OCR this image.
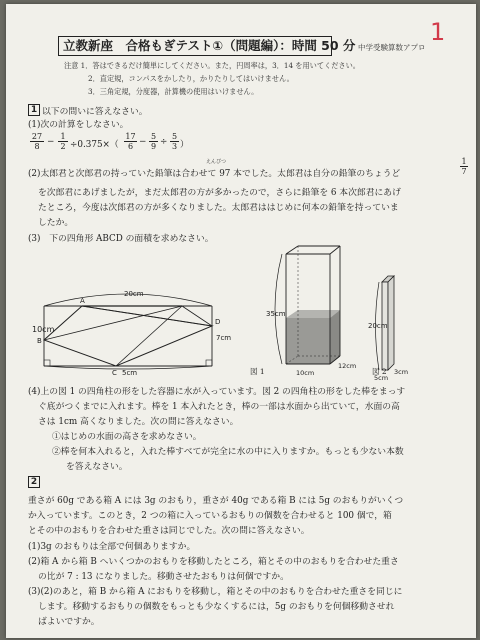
立教新座　合格もぎテスト①（問題編）：時間 50 分 中学受験算数アプロ
1
注意 1．答はできるだけ簡単にしてください。また，円周率は，3．14 を用いてください。
2．直定規，コンパスをかしたり，かりたりしてはいけません。
3．三角定規，分度器，計算機の使用はいけません。
1 以下の問いに答えなさい。
(1)次の計算をしなさい。
$\frac{27}{8} - \frac{1}{2} \div 0.375\times( \frac{17}{6} - \frac{5}{9} \div \frac{5}{3}$ ）
えんぴつ
(2)太郎君と次郎君の持っていた鉛筆は合わせて 97 本でした。太郎君は自分の鉛筆のちょうど	$\frac{1}{7}$
を次郎君にあげましたが，まだ太郎君の方が多かったので，さらに鉛筆を 6 本次郎君にあげ
たところ，今度は次郎君の方が多くなりました。太郎君ははじめに何本の鉛筆を持っていま
したか。
(3)　下の四角形 ABCD の面積を求めなさい。
20cm
10cm
7cm
5cm
A
B
C
D
35cm
10cm
12cm
図 1
20cm
5cm
3cm
図 2
(4)上の図 1 の四角柱の形をした容器に水が入っています。図 2 の四角柱の形をした棒をまっす
ぐ底がつくまでに入れます。棒を 1 本入れたとき，棒の一部は水面から出ていて，水面の高
さは 1cm 高くなりました。次の問に答えなさい。
①はじめの水面の高さを求めなさい。
②棒を何本入れると，入れた棒すべてが完全に水の中に入りますか。もっとも少ない本数
を答えなさい。
2
重さが 60g である箱 A には 3g のおもり，重さが 40g である箱 B には 5g のおもりがいくつ
か入っています。このとき，2 つの箱に入っているおもりの個数を合わせると 100 個で，箱
とその中のおもりを合わせた重さは同じでした。次の問に答えなさい。
(1)3g のおもりは全部で何個ありますか。
(2)箱 A から箱 B へいくつかのおもりを移動したところ，箱とその中のおもりを合わせた重さ
の比が 7 : 13 になりました。移動させたおもりは何個ですか。
(3)(2)のあと，箱 B から箱 A におもりを移動し，箱とその中のおもりを合わせた重さを同じに
します。移動するおもりの個数をもっとも少なくするには，5g のおもりを何個移動させれ
ばよいですか。
